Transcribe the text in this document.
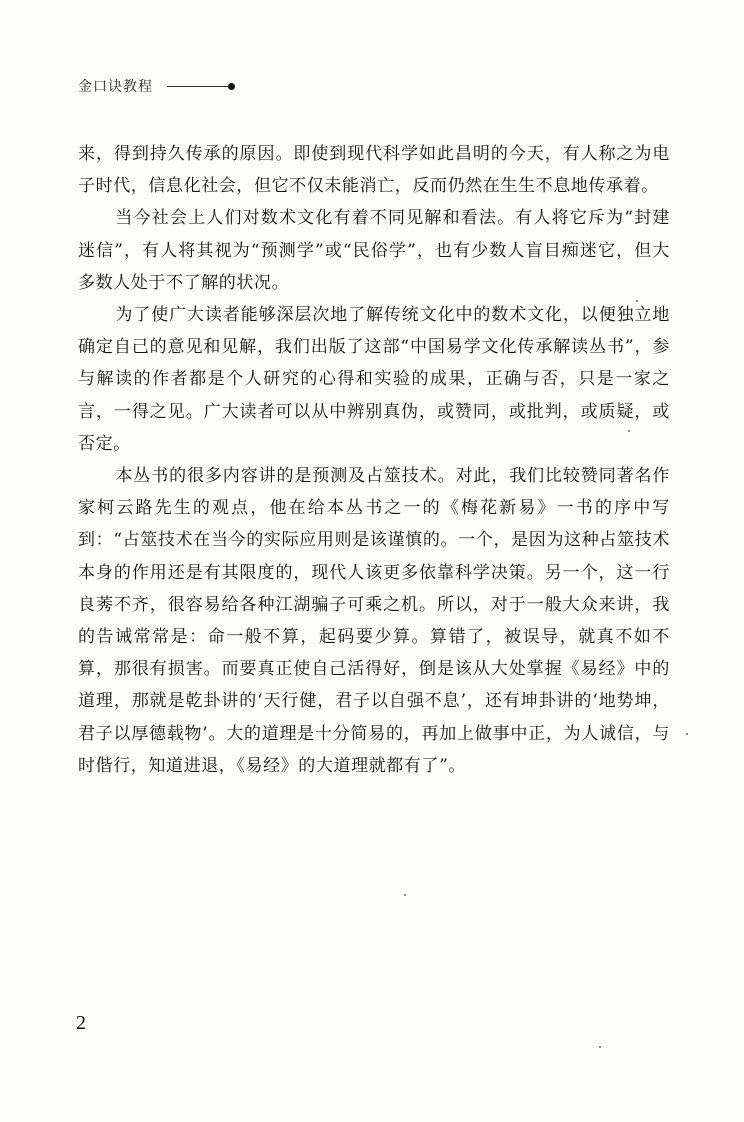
金口诀教程

来，得到持久传承的原因。即使到现代科学如此昌明的今天，有人称之为电子时代，信息化社会，但它不仅未能消亡，反而仍然在生生不息地传承着。

当今社会上人们对数术文化有着不同见解和看法。有人将它斥为“封建迷信”，有人将其视为“预测学”或“民俗学”，也有少数人盲目痴迷它，但大多数人处于不了解的状况。

为了使广大读者能够深层次地了解传统文化中的数术文化，以便独立地确定自己的意见和见解，我们出版了这部“中国易学文化传承解读丛书”，参与解读的作者都是个人研究的心得和实验的成果，正确与否，只是一家之言，一得之见。广大读者可以从中辨别真伪，或赞同，或批判，或质疑，或否定。

本丛书的很多内容讲的是预测及占筮技术。对此，我们比较赞同著名作家柯云路先生的观点，他在给本丛书之一的《梅花新易》一书的序中写到：“占筮技术在当今的实际应用则是该谨慎的。一个，是因为这种占筮技术本身的作用还是有其限度的，现代人该更多依靠科学决策。另一个，这一行良莠不齐，很容易给各种江湖骗子可乘之机。所以，对于一般大众来讲，我的告诫常常是：命一般不算，起码要少算。算错了，被误导，就真不如不算，那很有损害。而要真正使自己活得好，倒是该从大处掌握《易经》中的道理，那就是乾卦讲的‘天行健，君子以自强不息’，还有坤卦讲的‘地势坤，君子以厚德载物’。大的道理是十分简易的，再加上做事中正，为人诚信，与时偕行，知道进退，《易经》的大道理就都有了”。

2
